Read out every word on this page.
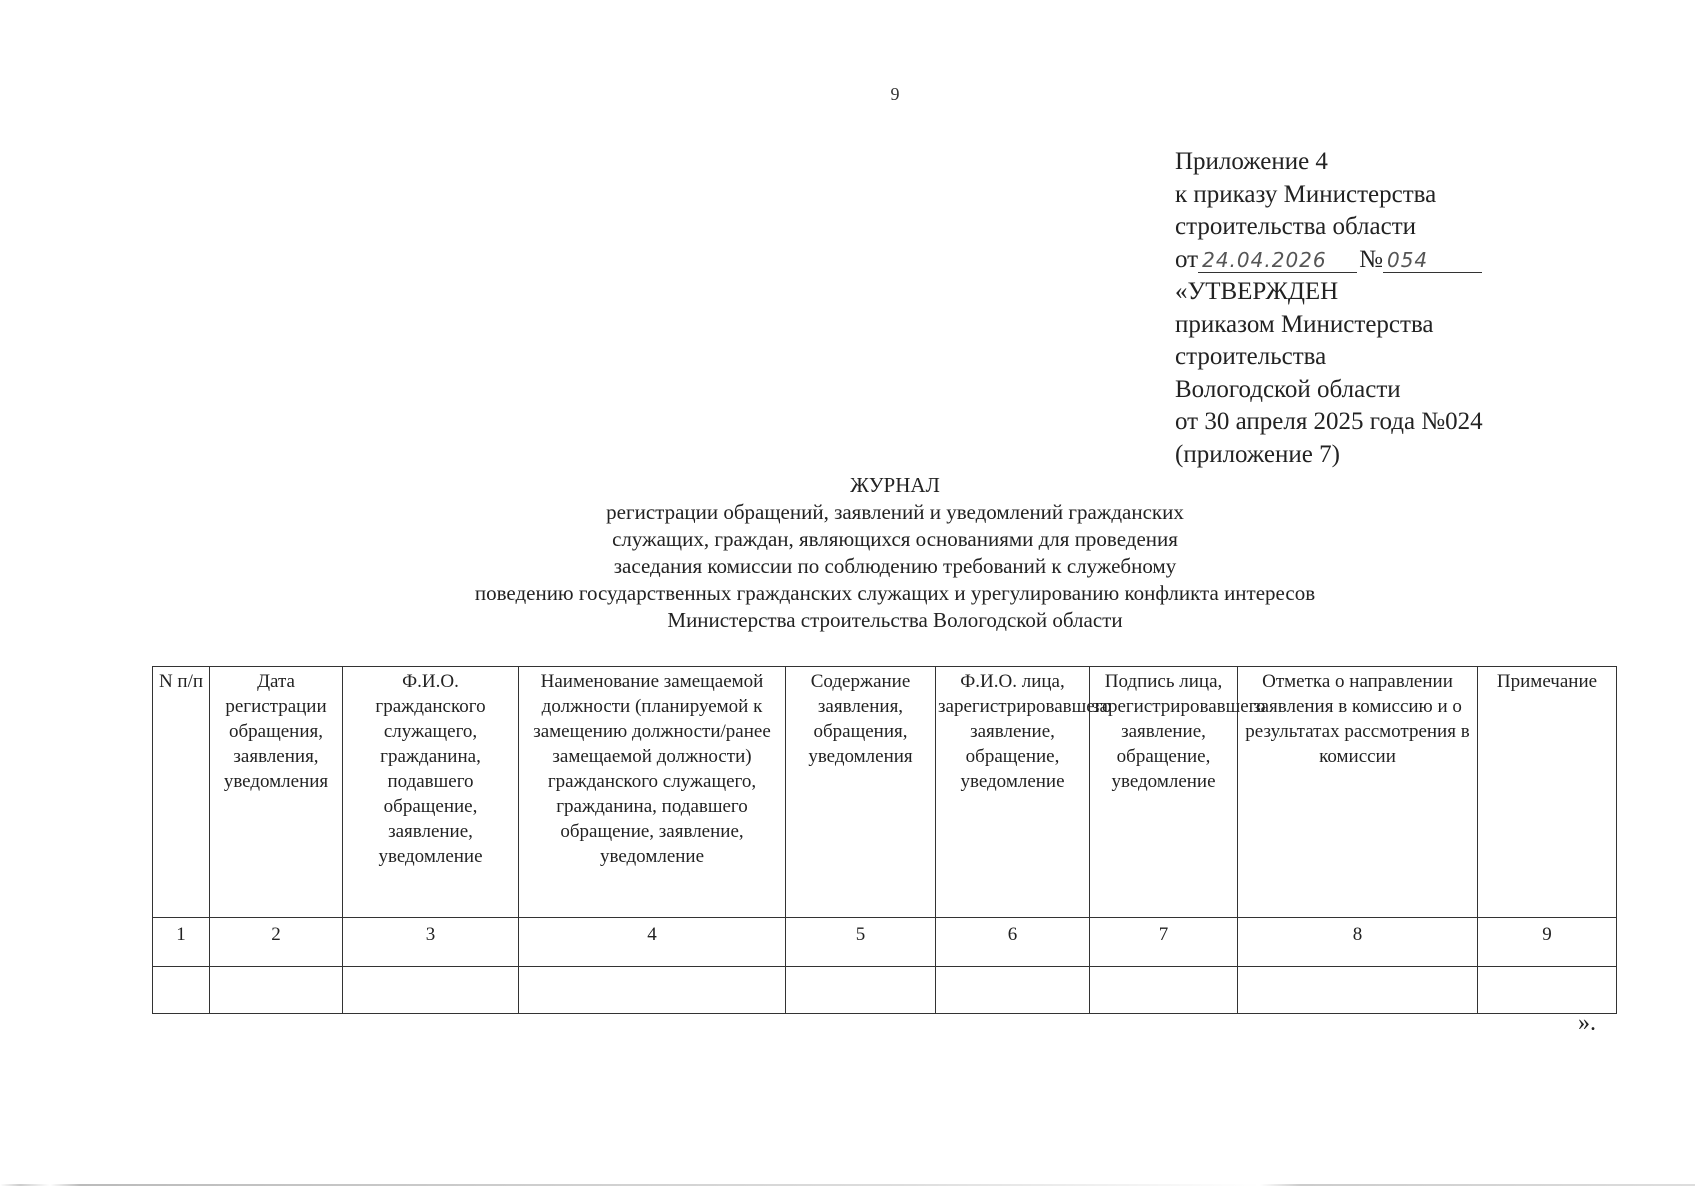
9
Приложение 4
к приказу Министерства
строительства области
от 24.04.2026 № 054
«УТВЕРЖДЕН
приказом Министерства
строительства
Вологодской области
от 30 апреля 2025 года №024
(приложение 7)
ЖУРНАЛ
регистрации обращений, заявлений и уведомлений гражданских
служащих, граждан, являющихся основаниями для проведения
заседания комиссии по соблюдению требований к служебному
поведению государственных гражданских служащих и урегулированию конфликта интересов
Министерства строительства Вологодской области
N п/п	Дата регистрации обращения, заявления, уведомления	Ф.И.О. гражданского служащего, гражданина, подавшего обращение, заявление, уведомление	Наименование замещаемой должности (планируемой к замещению должности/ранее замещаемой должности) гражданского служащего, гражданина, подавшего обращение, заявление, уведомление	Содержание заявления, обращения, уведомления	Ф.И.О. лица, зарегистрировавшего заявление, обращение, уведомление	Подпись лица, зарегистрировавшего заявление, обращение, уведомление	Отметка о направлении заявления в комиссию и о результатах рассмотрения в комиссии	Примечание
1	2	3	4	5	6	7	8	9

».
